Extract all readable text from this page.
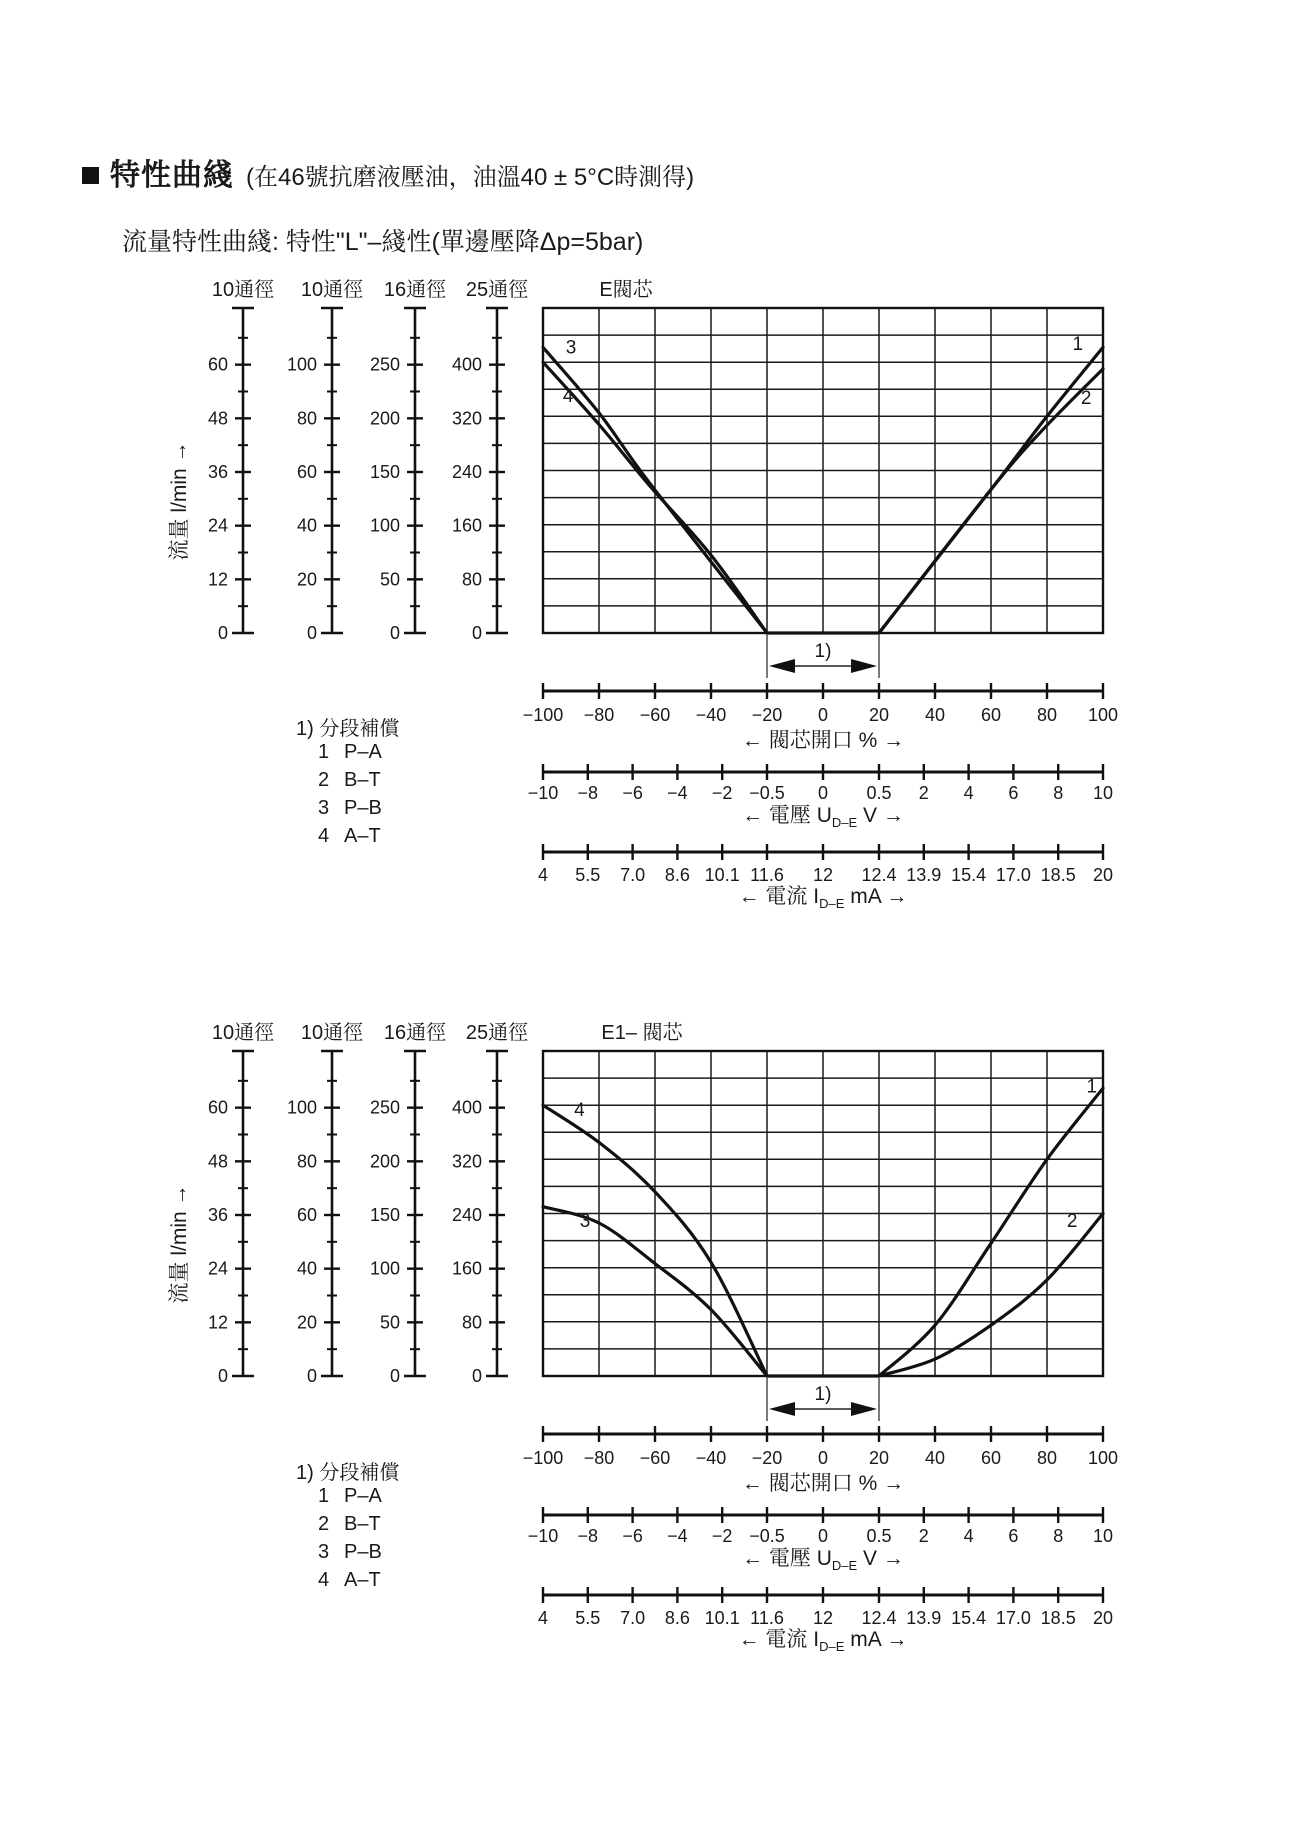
特性曲綫 (在46號抗磨液壓油，油溫40 ± 5°C時測得)
流量特性曲綫: 特性"L"–綫性(單邊壓降Δp=5bar)
10通徑
0
12
24
36
48
60
10通徑
0
20
40
60
80
100
16通徑
0
50
100
150
200
250
25通徑
0
80
160
240
320
400
E閥芯
流量 l/min →
1
2
3
4
1)
−100 −80 −60 −40 −20 0 20 40 60 80 100
← 閥芯開口 % →
−10 −8 −6 −4 −2 −0.5 0 0.5 2 4 6 8 10
← 電壓 $U_{D-E}$ V →
4 5.5 7.0 8.6 10.1 11.6 12 12.4 13.9 15.4 17.0 18.5 20
← 電流 $I_{D-E}$ mA →
10通徑
0
12
24
36
48
60
10通徑
0
20
40
60
80
100
16通徑
0
50
100
150
200
250
25通徑
0
80
160
240
320
400
E1– 閥芯
流量 l/min →
1
2
3
4
1)
−100 −80 −60 −40 −20 0 20 40 60 80 100
← 閥芯開口 % →
−10 −8 −6 −4 −2 −0.5 0 0.5 2 4 6 8 10
← 電壓 $U_{D-E}$ V →
4 5.5 7.0 8.6 10.1 11.6 12 12.4 13.9 15.4 17.0 18.5 20
← 電流 $I_{D-E}$ mA →
1) 分段補償
1 P–A
2 B–T
3 P–B
4 A–T
1) 分段補償
1 P–A
2 B–T
3 P–B
4 A–T
